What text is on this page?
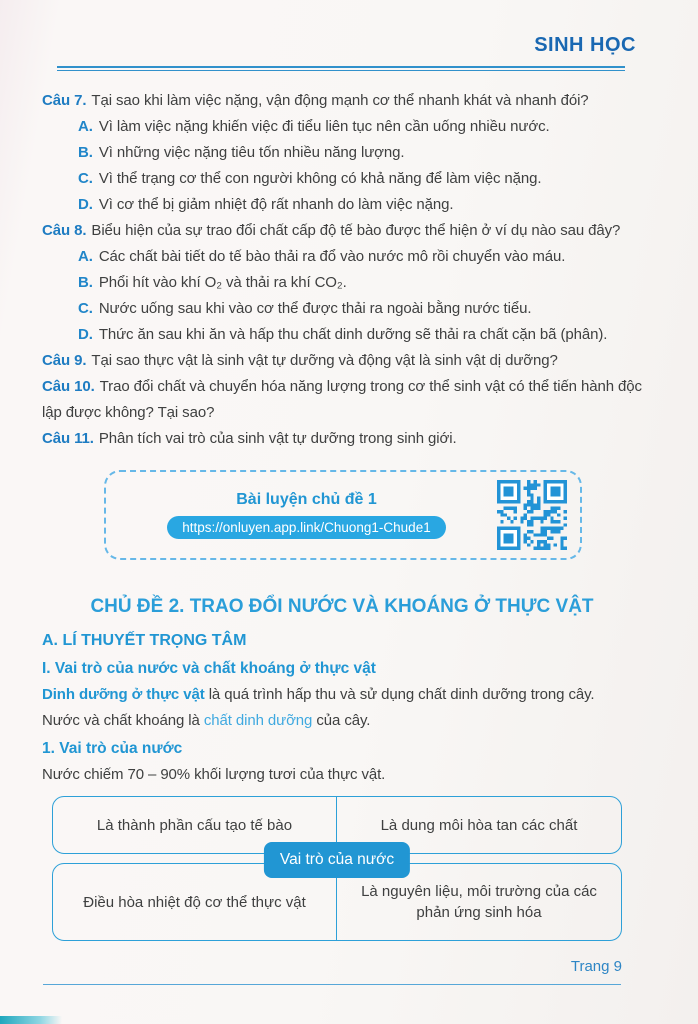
SINH HỌC

Câu 7. Tại sao khi làm việc nặng, vận động mạnh cơ thể nhanh khát và nhanh đói?

A. Vì làm việc nặng khiến việc đi tiểu liên tục nên cần uống nhiều nước.

B. Vì những việc nặng tiêu tốn nhiều năng lượng.

C. Vì thể trạng cơ thể con người không có khả năng để làm việc nặng.

D. Vì cơ thể bị giảm nhiệt độ rất nhanh do làm việc nặng.

Câu 8. Biểu hiện của sự trao đổi chất cấp độ tế bào được thể hiện ở ví dụ nào sau đây?

A. Các chất bài tiết do tế bào thải ra đổ vào nước mô rồi chuyển vào máu.

B. Phổi hít vào khí O₂ và thải ra khí CO₂.

C. Nước uống sau khi vào cơ thể được thải ra ngoài bằng nước tiểu.

D. Thức ăn sau khi ăn và hấp thu chất dinh dưỡng sẽ thải ra chất cặn bã (phân).

Câu 9. Tại sao thực vật là sinh vật tự dưỡng và động vật là sinh vật dị dưỡng?

Câu 10. Trao đổi chất và chuyển hóa năng lượng trong cơ thể sinh vật có thể tiến hành độc lập được không? Tại sao?

Câu 11. Phân tích vai trò của sinh vật tự dưỡng trong sinh giới.

Bài luyện chủ đề 1
https://onluyen.app.link/Chuong1-Chude1

CHỦ ĐỀ 2. TRAO ĐỔI NƯỚC VÀ KHOÁNG Ở THỰC VẬT

A. LÍ THUYẾT TRỌNG TÂM

I. Vai trò của nước và chất khoáng ở thực vật

Dinh dưỡng ở thực vật là quá trình hấp thu và sử dụng chất dinh dưỡng trong cây.

Nước và chất khoáng là chất dinh dưỡng của cây.

1. Vai trò của nước

Nước chiếm 70 – 90% khối lượng tươi của thực vật.

Là thành phần cấu tạo tế bào	Là dung môi hòa tan các chất
Điều hòa nhiệt độ cơ thể thực vật
Là nguyên liệu, môi trường của các phản ứng sinh hóa
Vai trò của nước
Trang 9
